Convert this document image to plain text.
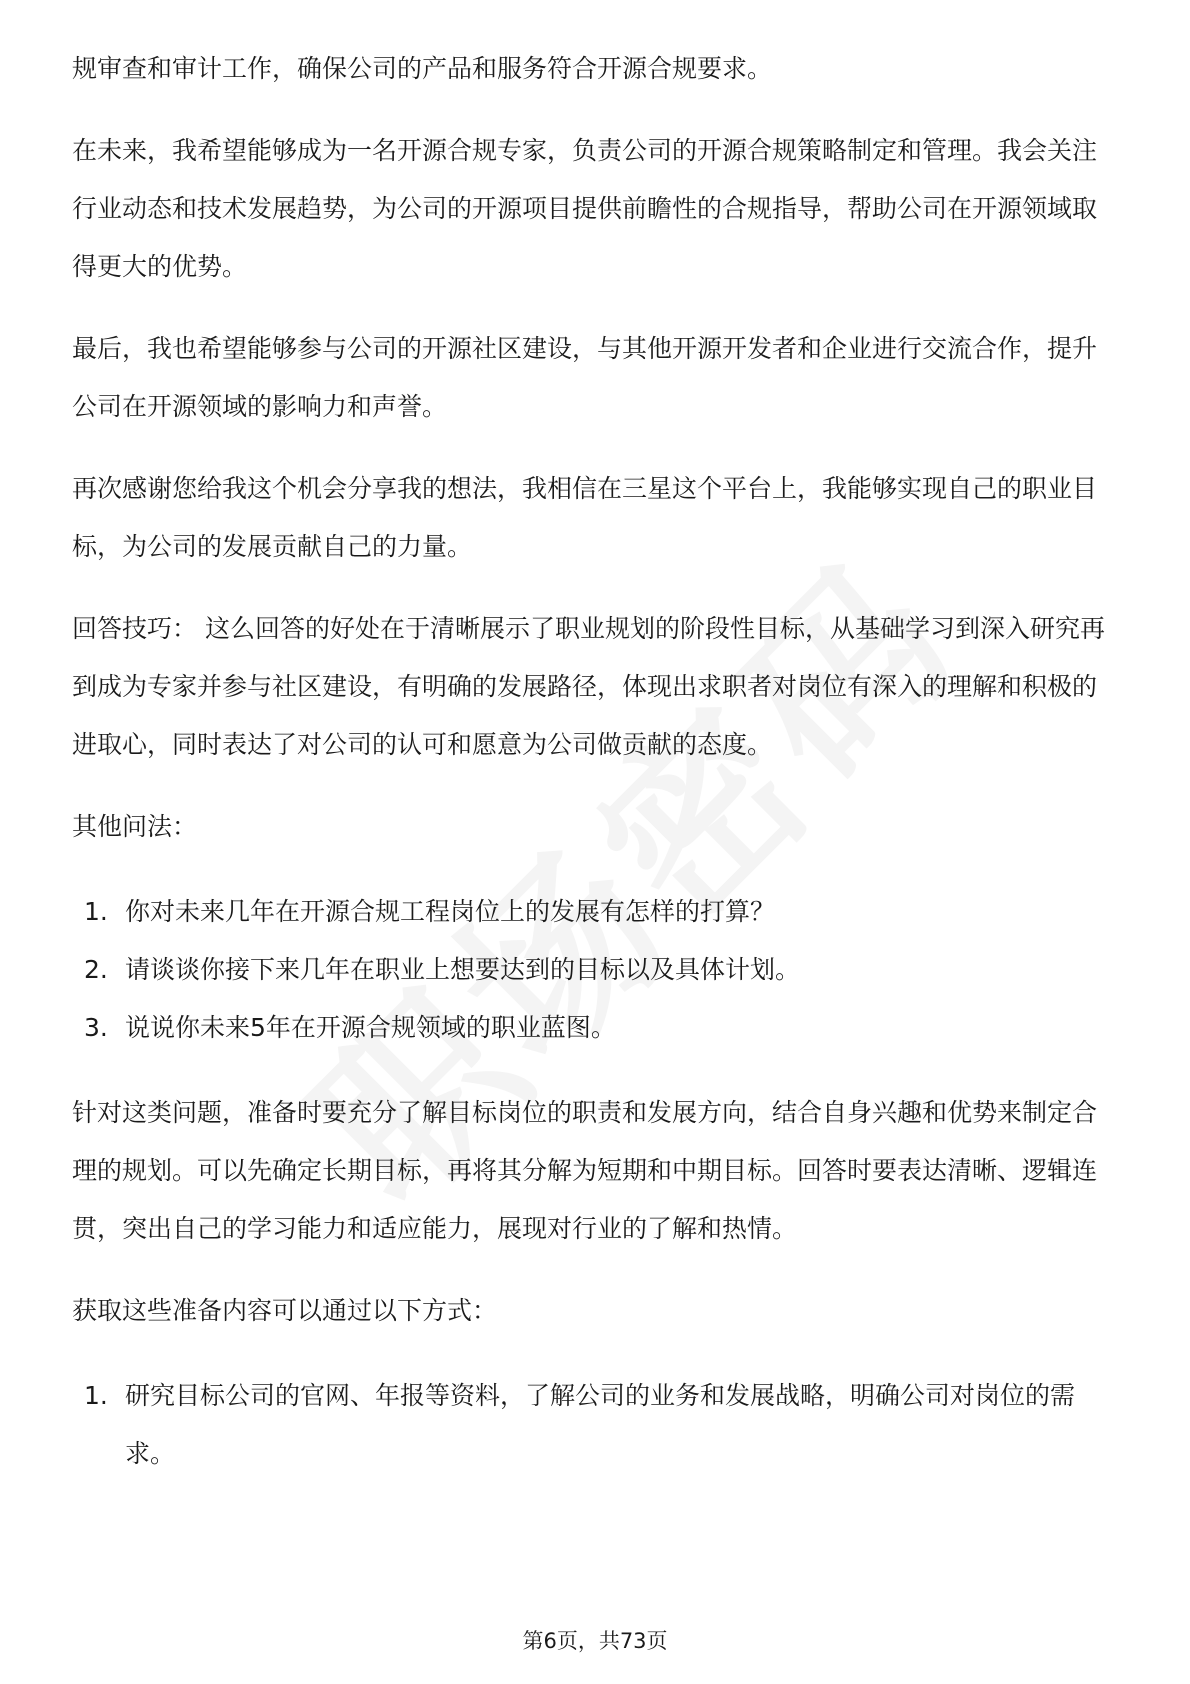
规审查和审计工作，确保公司的产品和服务符合开源合规要求。

在未来，我希望能够成为一名开源合规专家，负责公司的开源合规策略制定和管理。我会关注行业动态和技术发展趋势，为公司的开源项目提供前瞻性的合规指导，帮助公司在开源领域取得更大的优势。

最后，我也希望能够参与公司的开源社区建设，与其他开源开发者和企业进行交流合作，提升公司在开源领域的影响力和声誉。

再次感谢您给我这个机会分享我的想法，我相信在三星这个平台上，我能够实现自己的职业目标，为公司的发展贡献自己的力量。

回答技巧： 这么回答的好处在于清晰展示了职业规划的阶段性目标，从基础学习到深入研究再到成为专家并参与社区建设，有明确的发展路径，体现出求职者对岗位有深入的理解和积极的进取心，同时表达了对公司的认可和愿意为公司做贡献的态度。

其他问法：

1. 你对未来几年在开源合规工程岗位上的发展有怎样的打算？
2. 请谈谈你接下来几年在职业上想要达到的目标以及具体计划。
3. 说说你未来5年在开源合规领域的职业蓝图。

针对这类问题，准备时要充分了解目标岗位的职责和发展方向，结合自身兴趣和优势来制定合理的规划。可以先确定长期目标，再将其分解为短期和中期目标。回答时要表达清晰、逻辑连贯，突出自己的学习能力和适应能力，展现对行业的了解和热情。

获取这些准备内容可以通过以下方式：

1. 研究目标公司的官网、年报等资料，了解公司的业务和发展战略，明确公司对岗位的需求。
第6页，共73页
